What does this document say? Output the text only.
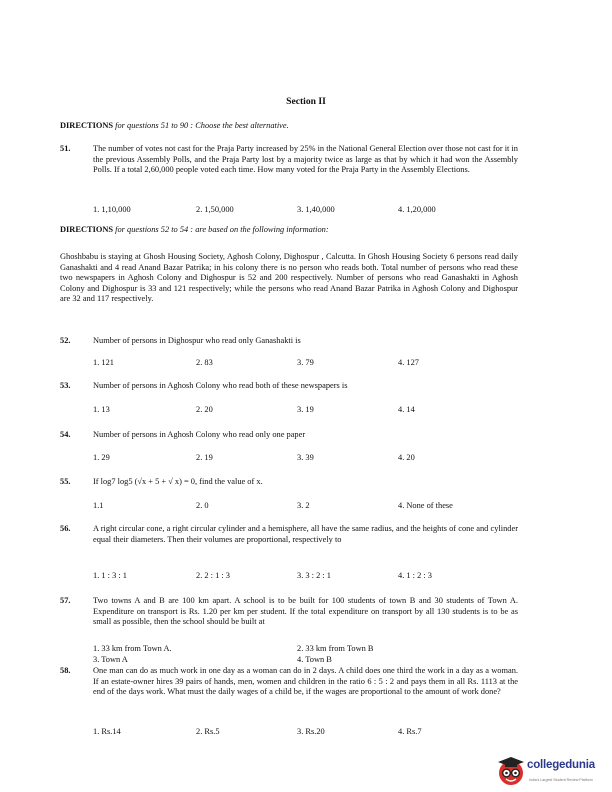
Section II
DIRECTIONS for questions 51 to 90 : Choose the best alternative.
51.	The number of votes not cast for the Praja Party increased by 25% in the National General Election over those not cast for it in the previous Assembly Polls, and the Praja Party lost by a majority twice as large as that by which it had won the Assembly Polls. If a total 2,60,000 people voted each time. How many voted for the Praja Party in the Assembly Elections.
1. 1,10,000	2. 1,50,000	3. 1,40,000	4. 1,20,000
DIRECTIONS for questions 52 to 54 : are based on the following information:
Ghoshbabu is staying at Ghosh Housing Society, Aghosh Colony, Dighospur , Calcutta. In Ghosh Housing Society 6 persons read daily Ganashakti and 4 read Anand Bazar Patrika; in his colony there is no person who reads both. Total number of persons who read these two newspapers in Aghosh Colony and Dighospur is 52 and 200 respectively. Number of persons who read Ganashakti in Aghosh Colony and Dighospur is 33 and 121 respectively; while the persons who read Anand Bazar Patrika in Aghosh Colony and Dighospur are 32 and 117 respectively.
52.	Number of persons in Dighospur who read only Ganashakti is
1. 121	2. 83	3. 79	4. 127
53.	Number of persons in Aghosh Colony who read both of these newspapers is
1. 13	2. 20	3. 19	4. 14
54.	Number of persons in Aghosh Colony who read only one paper
1. 29	2. 19	3. 39	4. 20
55.	If log7 log5 (√x + 5 + √ x) = 0, find the value of x.
1.1	2. 0	3. 2	4. None of these
56.	A right circular cone, a right circular cylinder and a hemisphere, all have the same radius, and the heights of cone and cylinder equal their diameters. Then their volumes are proportional, respectively to
1. 1 : 3 : 1	2. 2 : 1 : 3	3. 3 : 2 : 1	4. 1 : 2 : 3
57.	Two towns A and B are 100 km apart. A school is to be built for 100 students of town B and 30 students of Town A. Expenditure on transport is Rs. 1.20 per km per student. If the total expenditure on transport by all 130 students is to be as small as possible, then the school should be built at
1. 33 km from Town A.	2. 33 km from Town B
3. Town A	4. Town B
58.	One man can do as much work in one day as a woman can do in 2 days. A child does one third the work in a day as a woman. If an estate-owner hires 39 pairs of hands, men, women and children in the ratio 6 : 5 : 2 and pays them in all Rs. 1113 at the end of the days work. What must the daily wages of a child be, if the wages are proportional to the amount of work done?
1. Rs.14	2. Rs.5	3. Rs.20	4. Rs.7
collegedunia
India's Largest Student Review Platform
